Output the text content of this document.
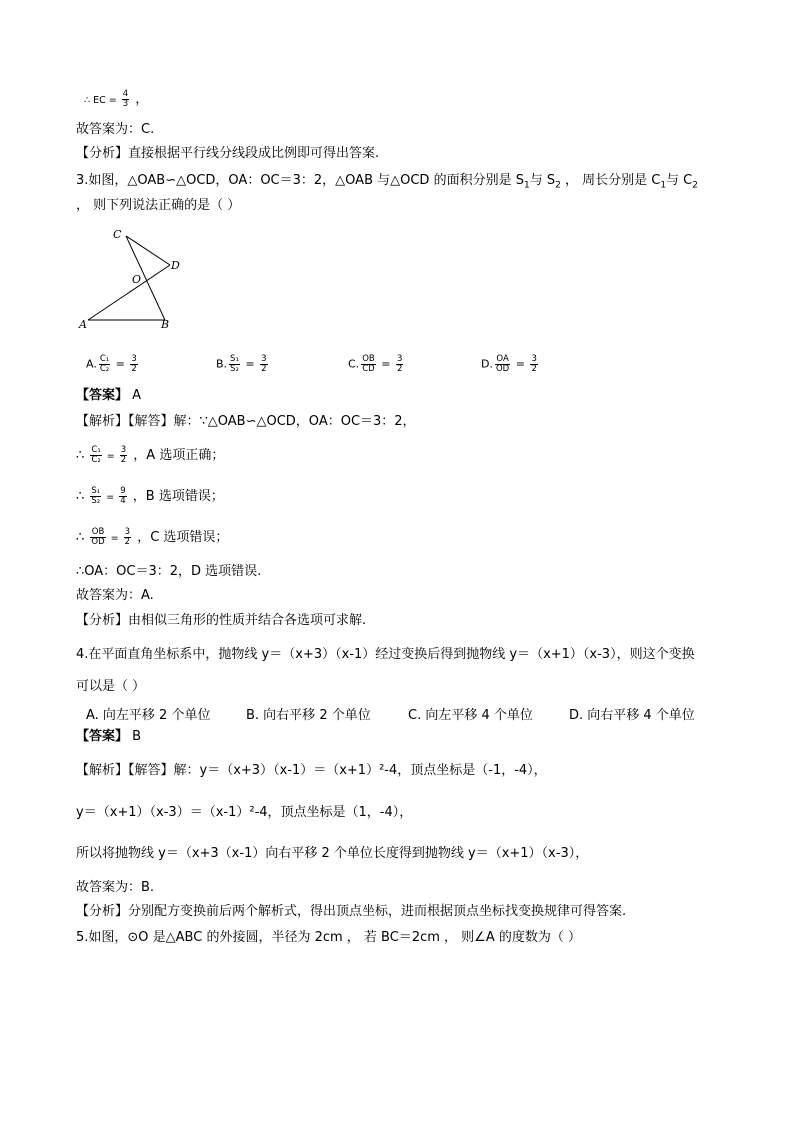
∴ EC = $\frac{4}{3}$ ，
故答案为：C.
【分析】直接根据平行线分线段成比例即可得出答案.
3.如图，△OAB∽△OCD，OA：OC＝3：2，△OAB 与△OCD 的面积分别是 $S_1$与 $S_2$ ， 周长分别是 $C_1$与 $C_2$
， 则下列说法正确的是（ ）
C
D
O
A	B
A. $\frac{\text{C₁}}{\text{C₂}} = \frac{3}{2}$	B. $\frac{\text{S₁}}{\text{S₂}} = \frac{3}{2}$	C. $\frac{OB}{CD} = \frac{3}{2}$	D. $\frac{OA}{OD} = \frac{3}{2}$
【答案】 A
【解析】【解答】解：∵△OAB∽△OCD，OA：OC＝3：2，
∴ $\frac{\text{C₁}}{\text{C₂}} = \frac{3}{2}$ ，A 选项正确；
∴ $\frac{\text{S₁}}{\text{S₂}} = \frac{9}{4}$ ，B 选项错误；
∴ $\frac{OB}{OD} = \frac{3}{2}$ ，C 选项错误；
∴OA：OC＝3：2，D 选项错误.
故答案为：A.
【分析】由相似三角形的性质并结合各选项可求解.
4.在平面直角坐标系中，抛物线 y＝（x+3）（x-1）经过变换后得到抛物线 y＝（x+1）（x-3），则这个变换
可以是（ ）
A. 向左平移 2 个单位	B. 向右平移 2 个单位	C. 向左平移 4 个单位	D. 向右平移 4 个单位
【答案】 B
【解析】【解答】解：y＝（x+3）（x-1）＝（x+1）²-4，顶点坐标是（-1，-4），
y＝（x+1）（x-3）＝（x-1）²-4，顶点坐标是（1，-4），
所以将抛物线 y＝（x+3（x-1）向右平移 2 个单位长度得到抛物线 y＝（x+1）（x-3），
故答案为：B.
【分析】分别配方变换前后两个解析式，得出顶点坐标，进而根据顶点坐标找变换规律可得答案.
5.如图，⊙O 是△ABC 的外接圆，半径为 2cm ， 若 BC＝2cm ， 则∠A 的度数为（ ）
